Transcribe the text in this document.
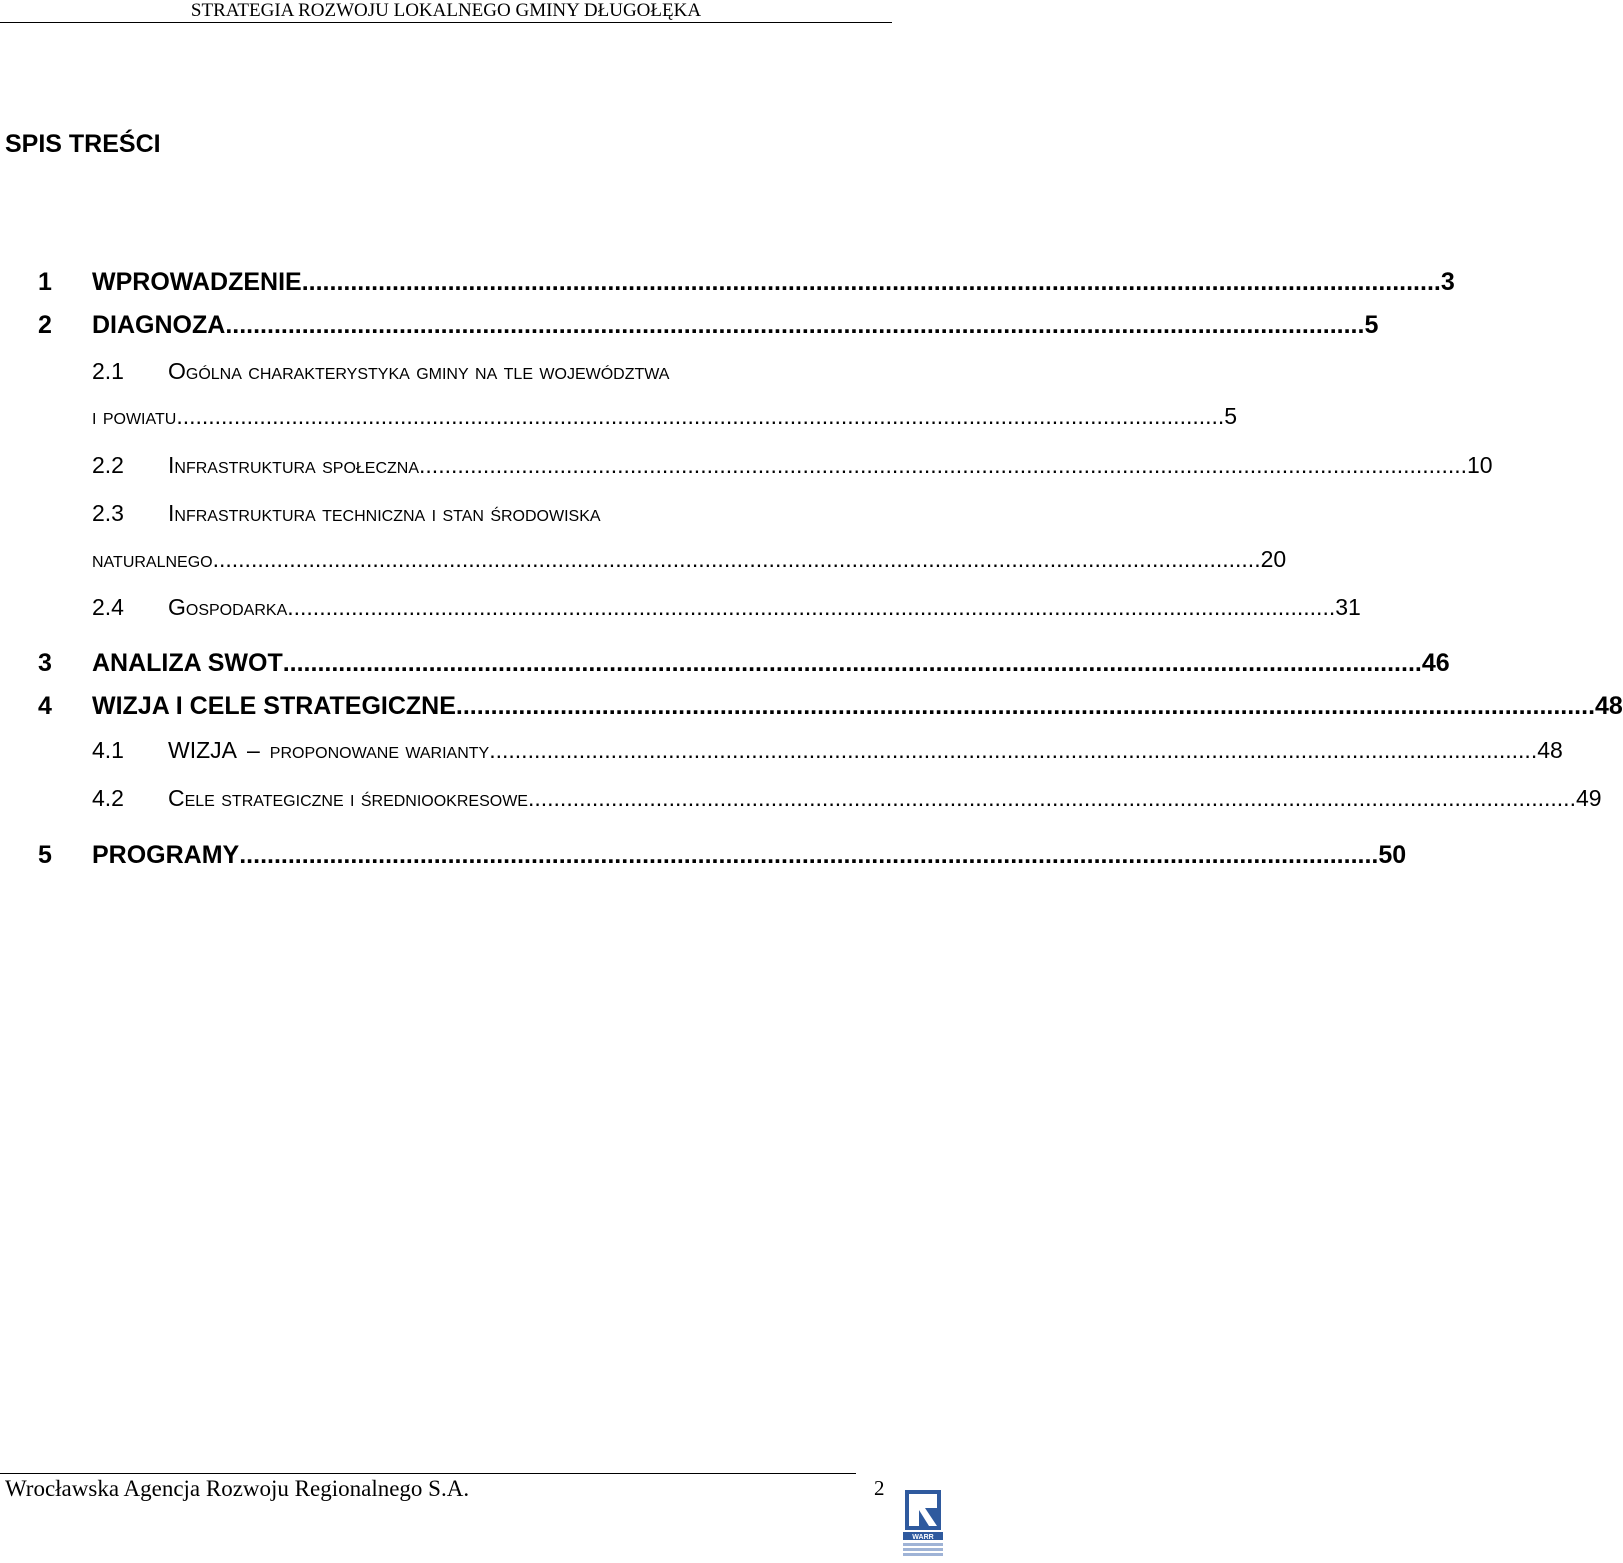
STRATEGIA ROZWOJU LOKALNEGO GMINY DŁUGOŁĘKA
SPIS TREŚCI
1 WPROWADZENIE .................................................................................................................................................................... 3
2 DIAGNOZA .................................................................................................................................................................... 5
2.1 Ogólna charakterystyka gminy na tle województwa
i powiatu .................................................................................................................................................................... 5
2.2 Infrastruktura społeczna .................................................................................................................................................................... 10
2.3 Infrastruktura techniczna i stan środowiska
naturalnego .................................................................................................................................................................... 20
2.4 Gospodarka .................................................................................................................................................................... 31
3 ANALIZA SWOT .................................................................................................................................................................... 46
4 WIZJA I CELE STRATEGICZNE .................................................................................................................................................................... 48
4.1 WIZJA – proponowane warianty .................................................................................................................................................................... 48
4.2 Cele strategiczne i średniookresowe .................................................................................................................................................................... 49
5 PROGRAMY .................................................................................................................................................................... 50
Wrocławska Agencja Rozwoju Regionalnego S.A.	2
WARR
